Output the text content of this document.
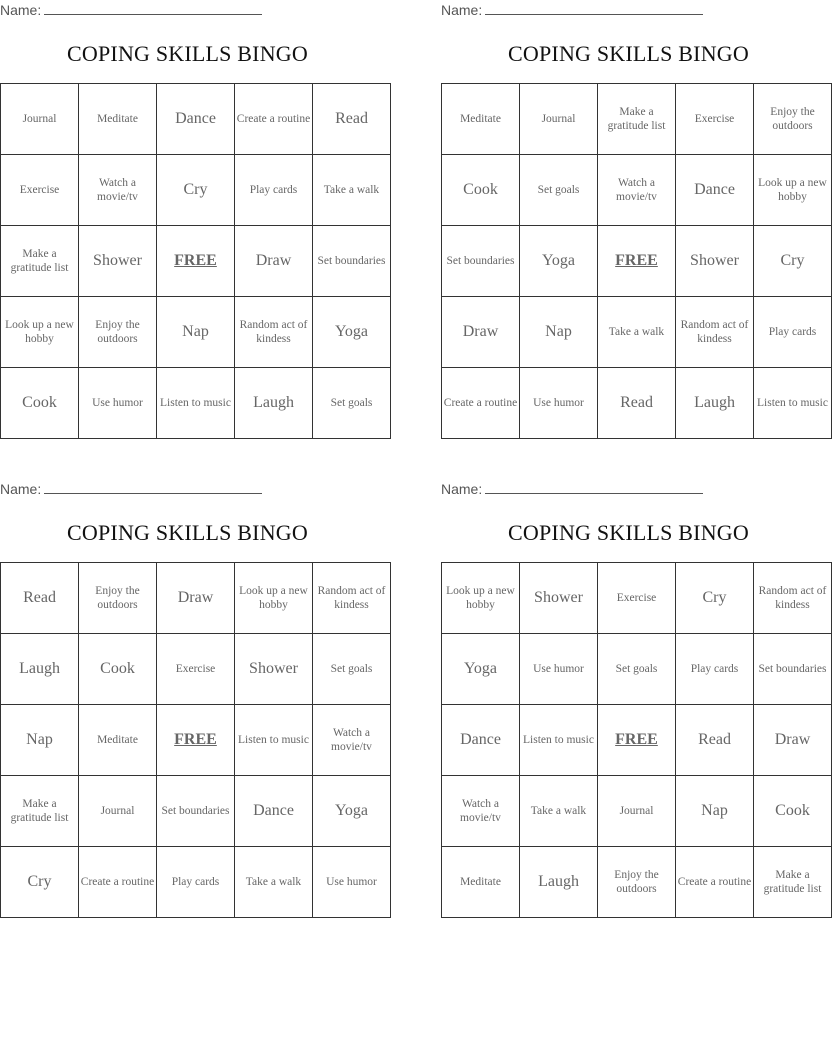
Name:
COPING SKILLS BINGO
Journal	Meditate	Dance	Create a routine	Read
Exercise	Watch a movie/tv	Cry	Play cards	Take a walk
Make a gratitude list	Shower	FREE	Draw	Set boundaries
Look up a new hobby	Enjoy the outdoors	Nap	Random act of kindess	Yoga
Cook	Use humor	Listen to music	Laugh	Set goals
Name:
COPING SKILLS BINGO
Meditate	Journal	Make a gratitude list	Exercise	Enjoy the outdoors
Cook	Set goals	Watch a movie/tv	Dance	Look up a new hobby
Set boundaries	Yoga	FREE	Shower	Cry
Draw	Nap	Take a walk	Random act of kindess	Play cards
Create a routine	Use humor	Read	Laugh	Listen to music
Name:
COPING SKILLS BINGO
Read	Enjoy the outdoors	Draw	Look up a new hobby	Random act of kindess
Laugh	Cook	Exercise	Shower	Set goals
Nap	Meditate	FREE	Listen to music	Watch a movie/tv
Make a gratitude list	Journal	Set boundaries	Dance	Yoga
Cry	Create a routine	Play cards	Take a walk	Use humor
Name:
COPING SKILLS BINGO
Look up a new hobby	Shower	Exercise	Cry	Random act of kindess
Yoga	Use humor	Set goals	Play cards	Set boundaries
Dance	Listen to music	FREE	Read	Draw
Watch a movie/tv	Take a walk	Journal	Nap	Cook
Meditate	Laugh	Enjoy the outdoors	Create a routine	Make a gratitude list
